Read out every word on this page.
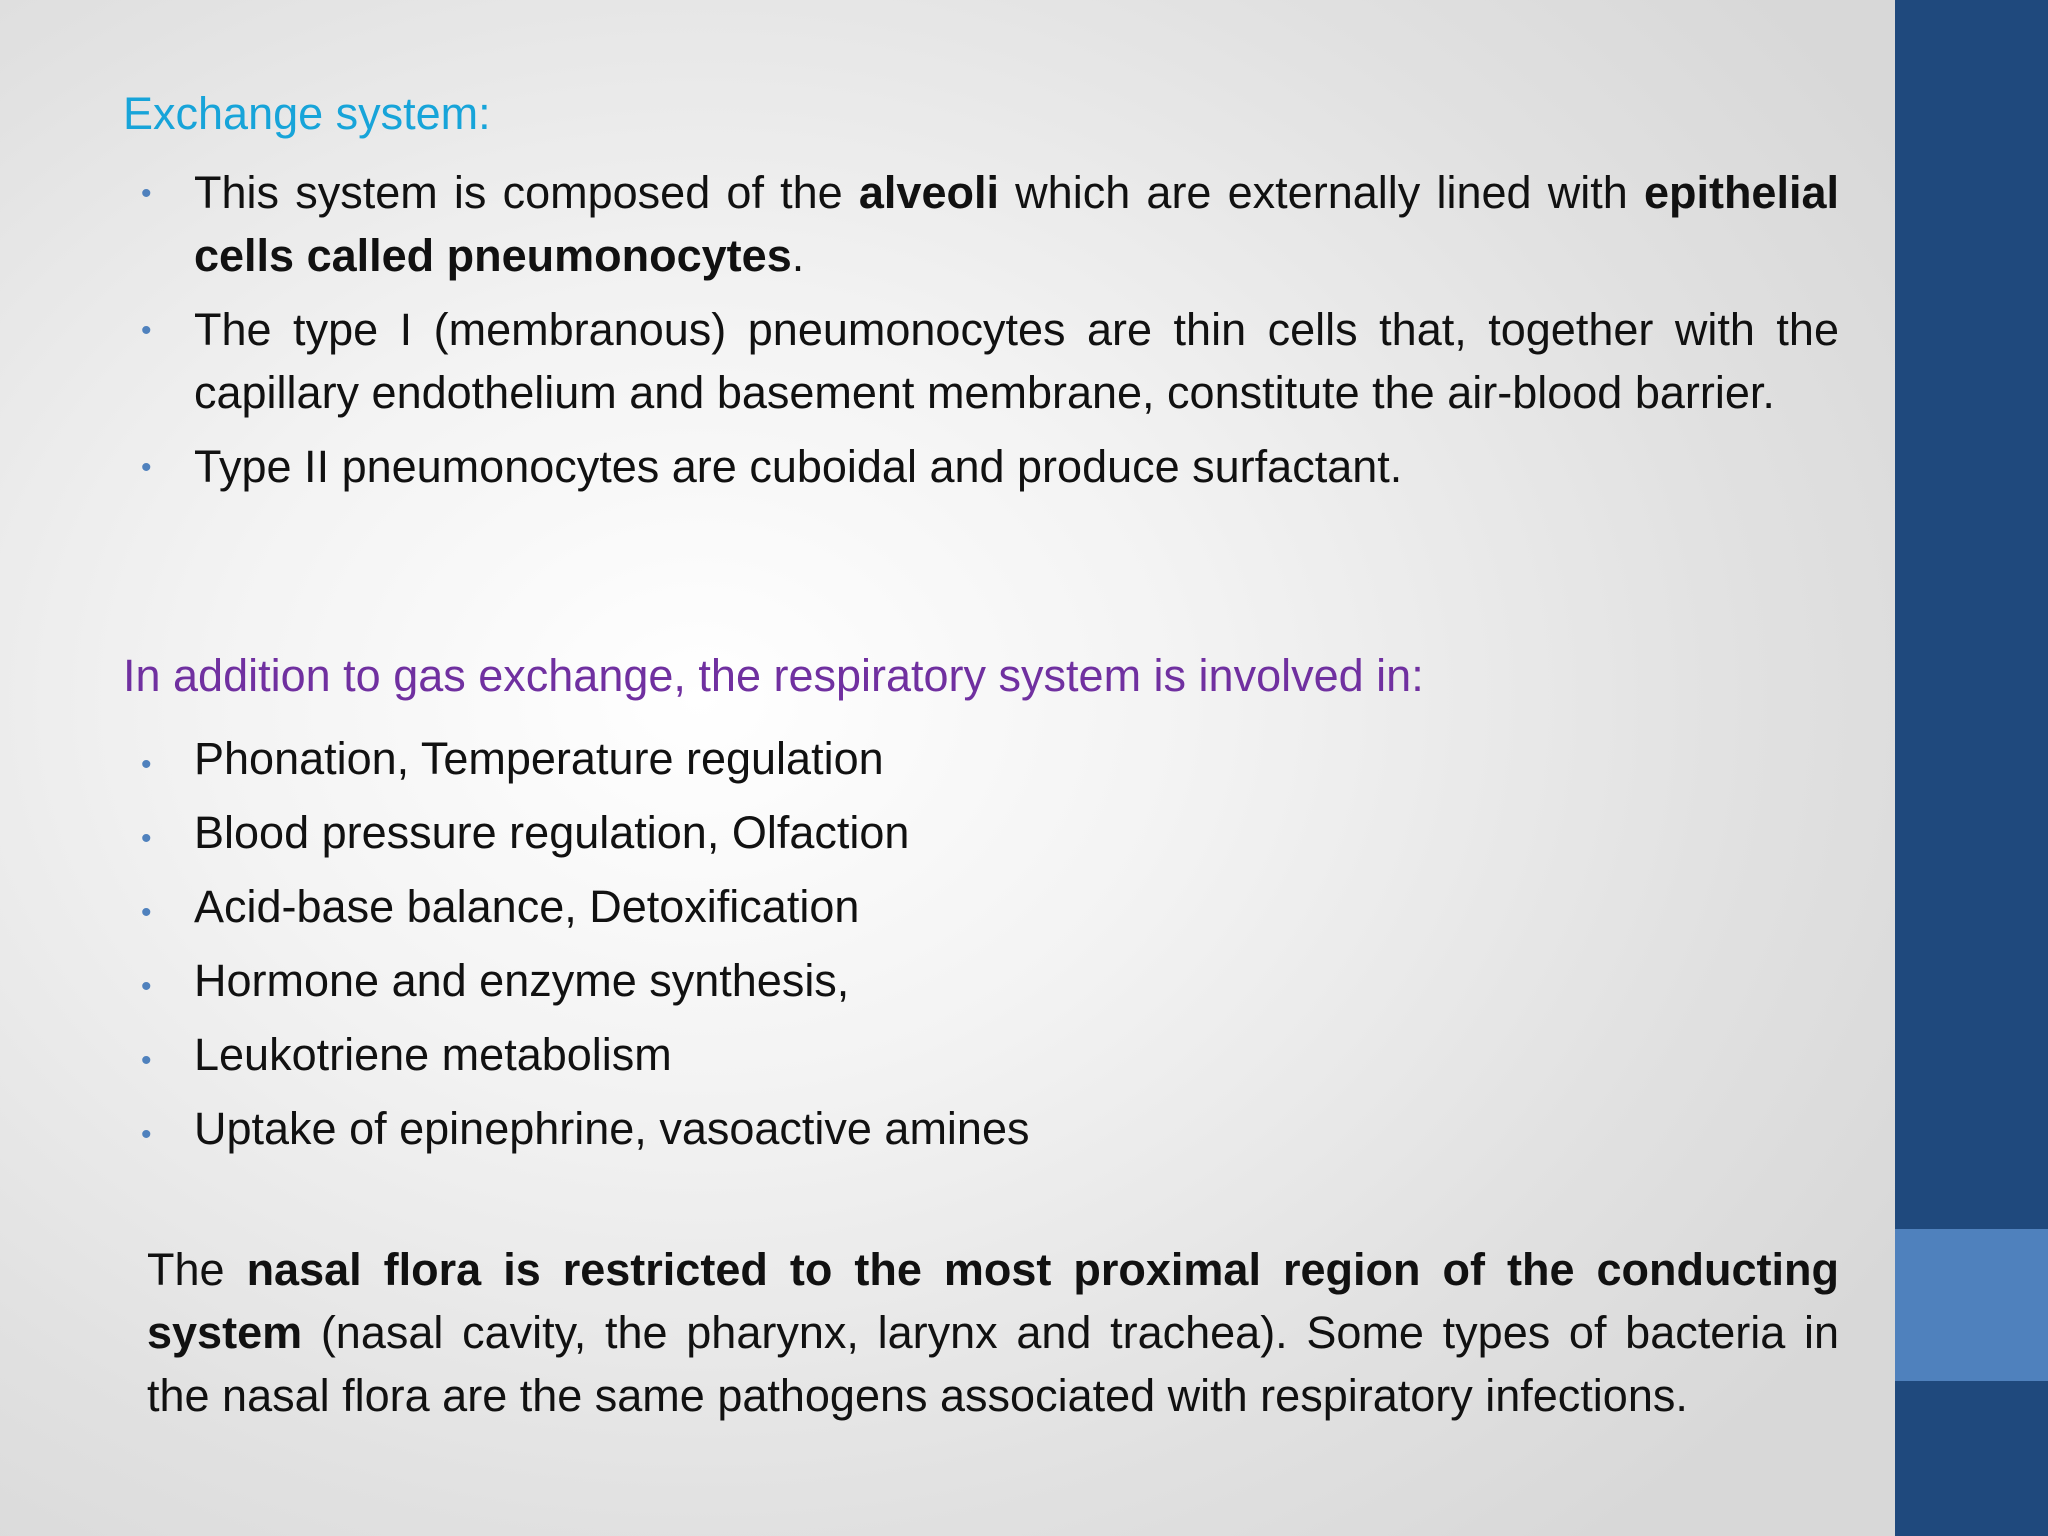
Exchange system:
• This system is composed of the alveoli which are externally lined with epithelial cells called pneumonocytes.
• The type I (membranous) pneumonocytes are thin cells that, together with the capillary endothelium and basement membrane, constitute the air-blood barrier.
• Type II pneumonocytes are cuboidal and produce surfactant.
In addition to gas exchange, the respiratory system is involved in:
• Phonation, Temperature regulation
• Blood pressure regulation, Olfaction
• Acid-base balance, Detoxification
• Hormone and enzyme synthesis,
• Leukotriene metabolism
• Uptake of epinephrine, vasoactive amines

The nasal flora is restricted to the most proximal region of the conducting system (nasal cavity, the pharynx, larynx and trachea). Some types of bacteria in the nasal flora are the same pathogens associated with respiratory infections.
